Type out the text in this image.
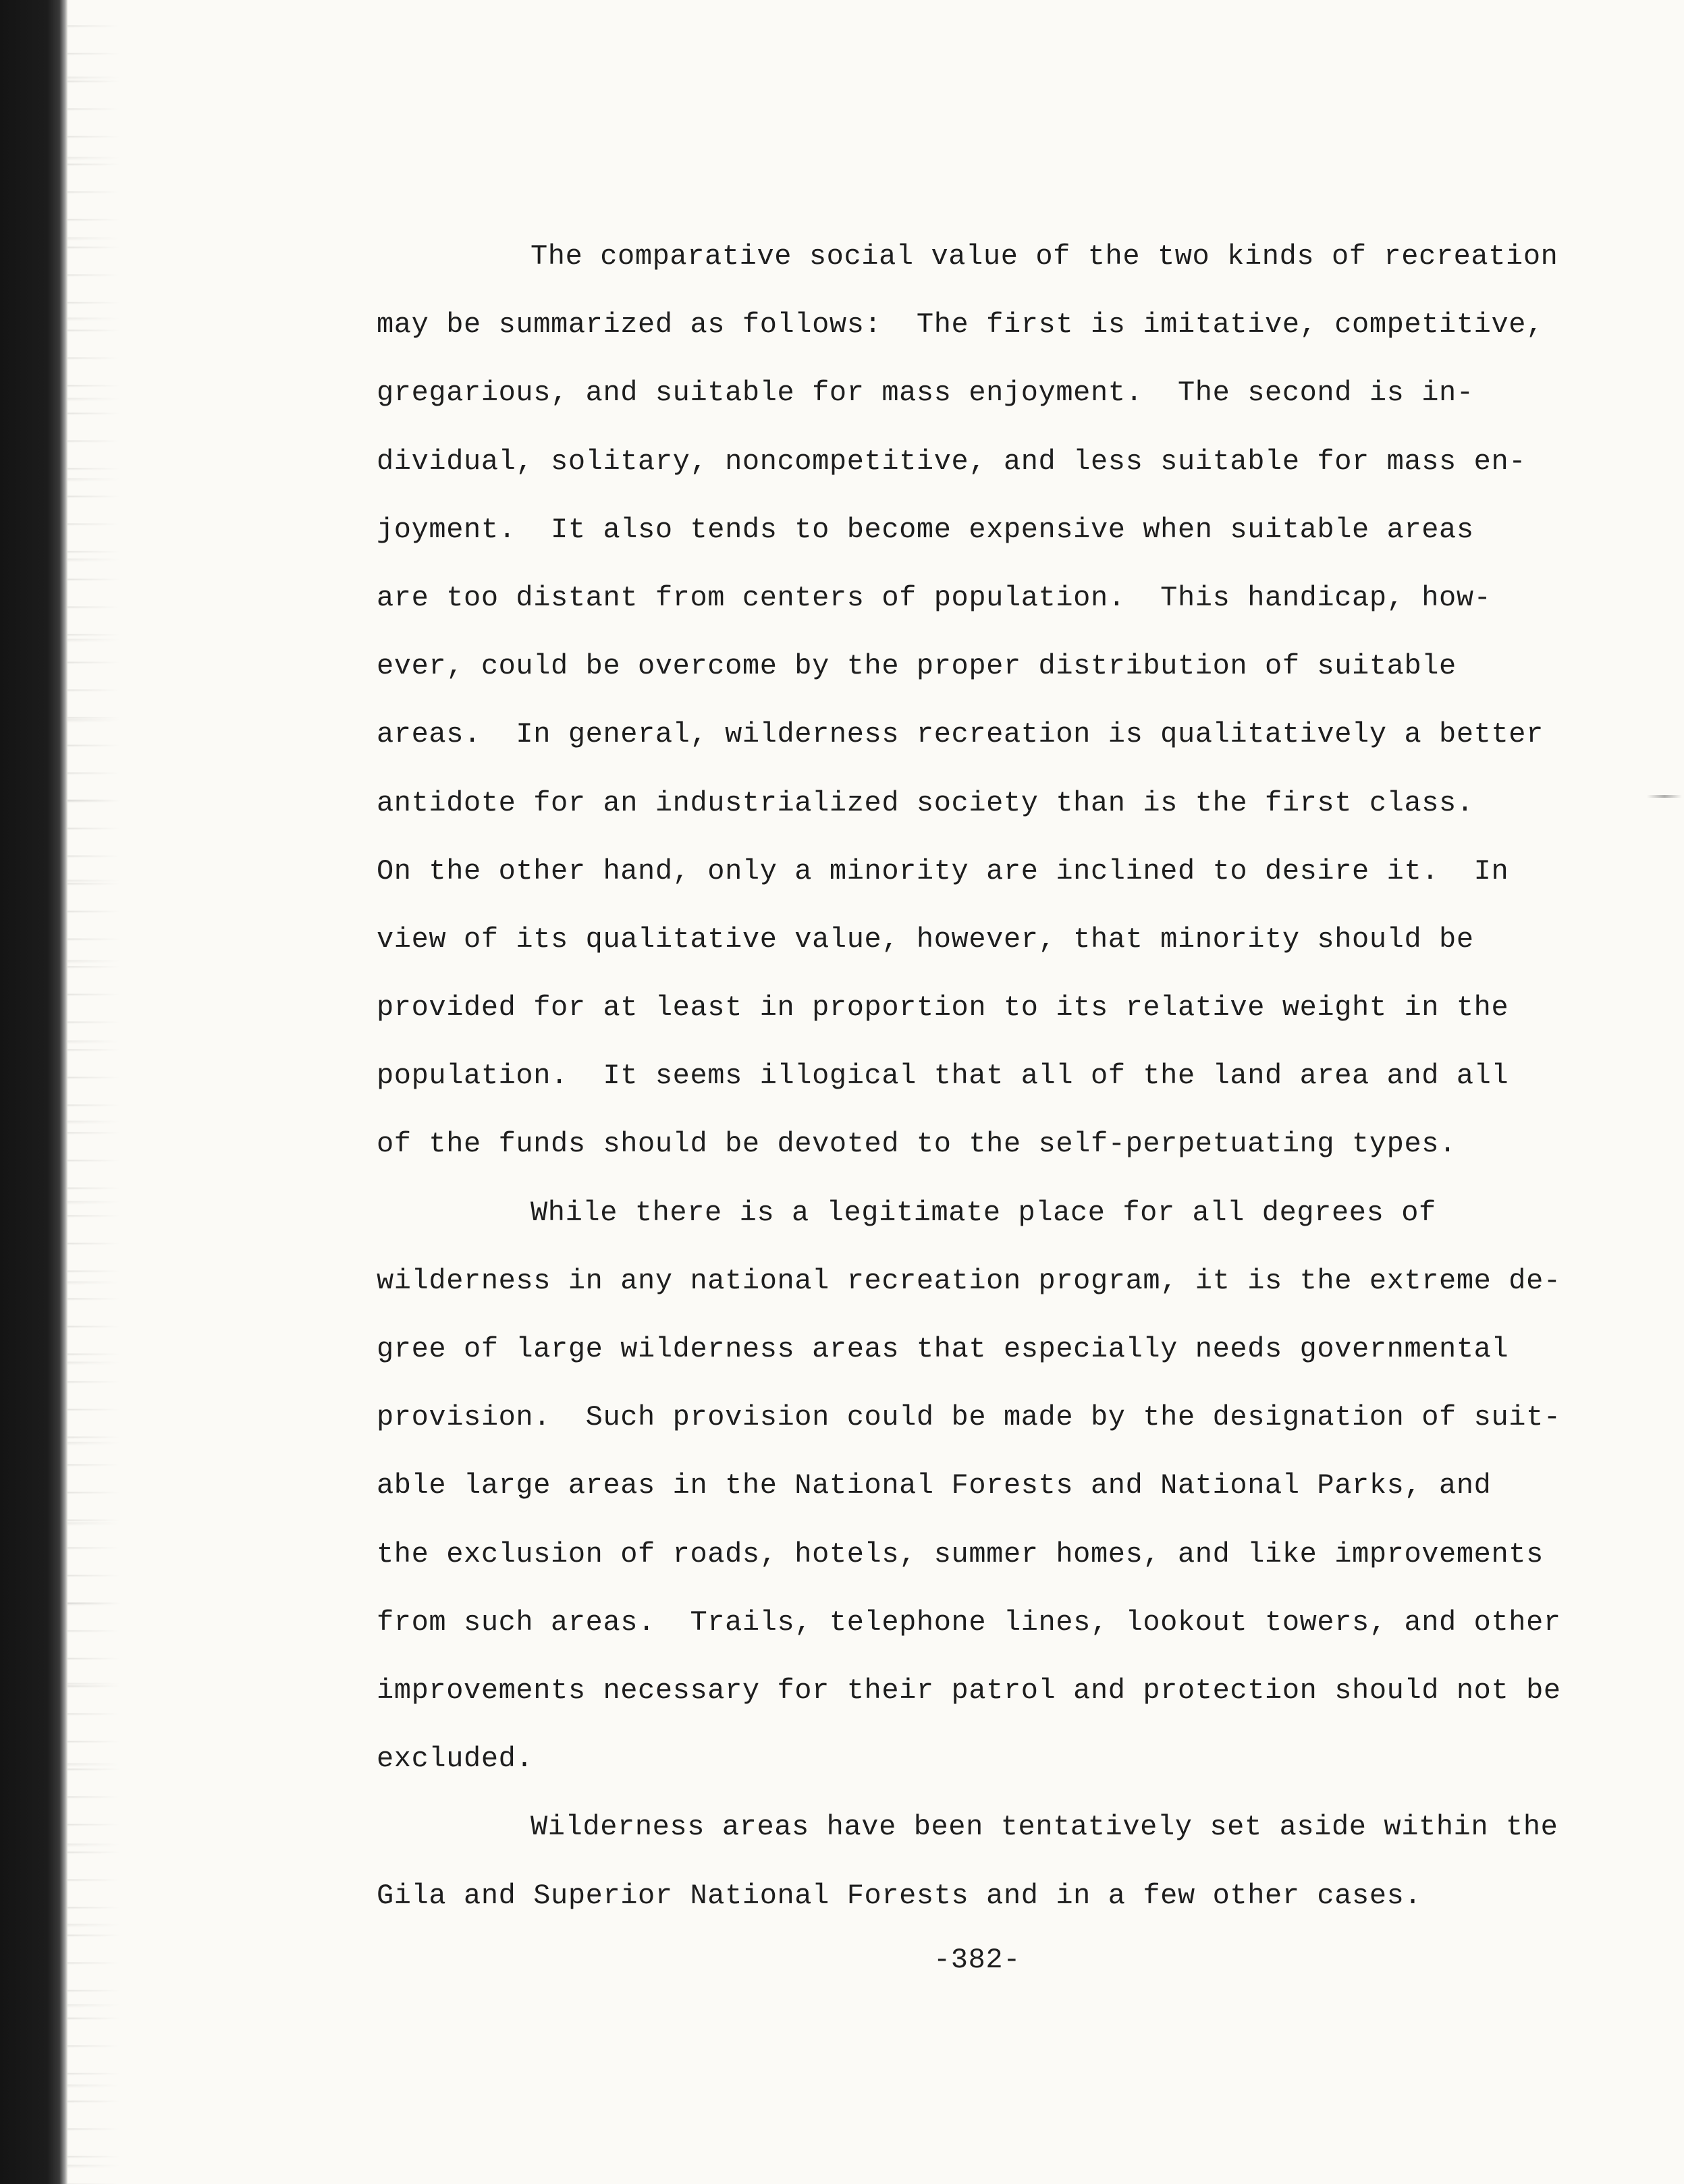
The comparative social value of the two kinds of recreation
may be summarized as follows:  The first is imitative, competitive,
gregarious, and suitable for mass enjoyment.  The second is in-
dividual, solitary, noncompetitive, and less suitable for mass en-
joyment.  It also tends to become expensive when suitable areas
are too distant from centers of population.  This handicap, how-
ever, could be overcome by the proper distribution of suitable
areas.  In general, wilderness recreation is qualitatively a better
antidote for an industrialized society than is the first class.
On the other hand, only a minority are inclined to desire it.  In
view of its qualitative value, however, that minority should be
provided for at least in proportion to its relative weight in the
population.  It seems illogical that all of the land area and all
of the funds should be devoted to the self-perpetuating types.
While there is a legitimate place for all degrees of
wilderness in any national recreation program, it is the extreme de-
gree of large wilderness areas that especially needs governmental
provision.  Such provision could be made by the designation of suit-
able large areas in the National Forests and National Parks, and
the exclusion of roads, hotels, summer homes, and like improvements
from such areas.  Trails, telephone lines, lookout towers, and other
improvements necessary for their patrol and protection should not be
excluded.
Wilderness areas have been tentatively set aside within the
Gila and Superior National Forests and in a few other cases.
-382-
